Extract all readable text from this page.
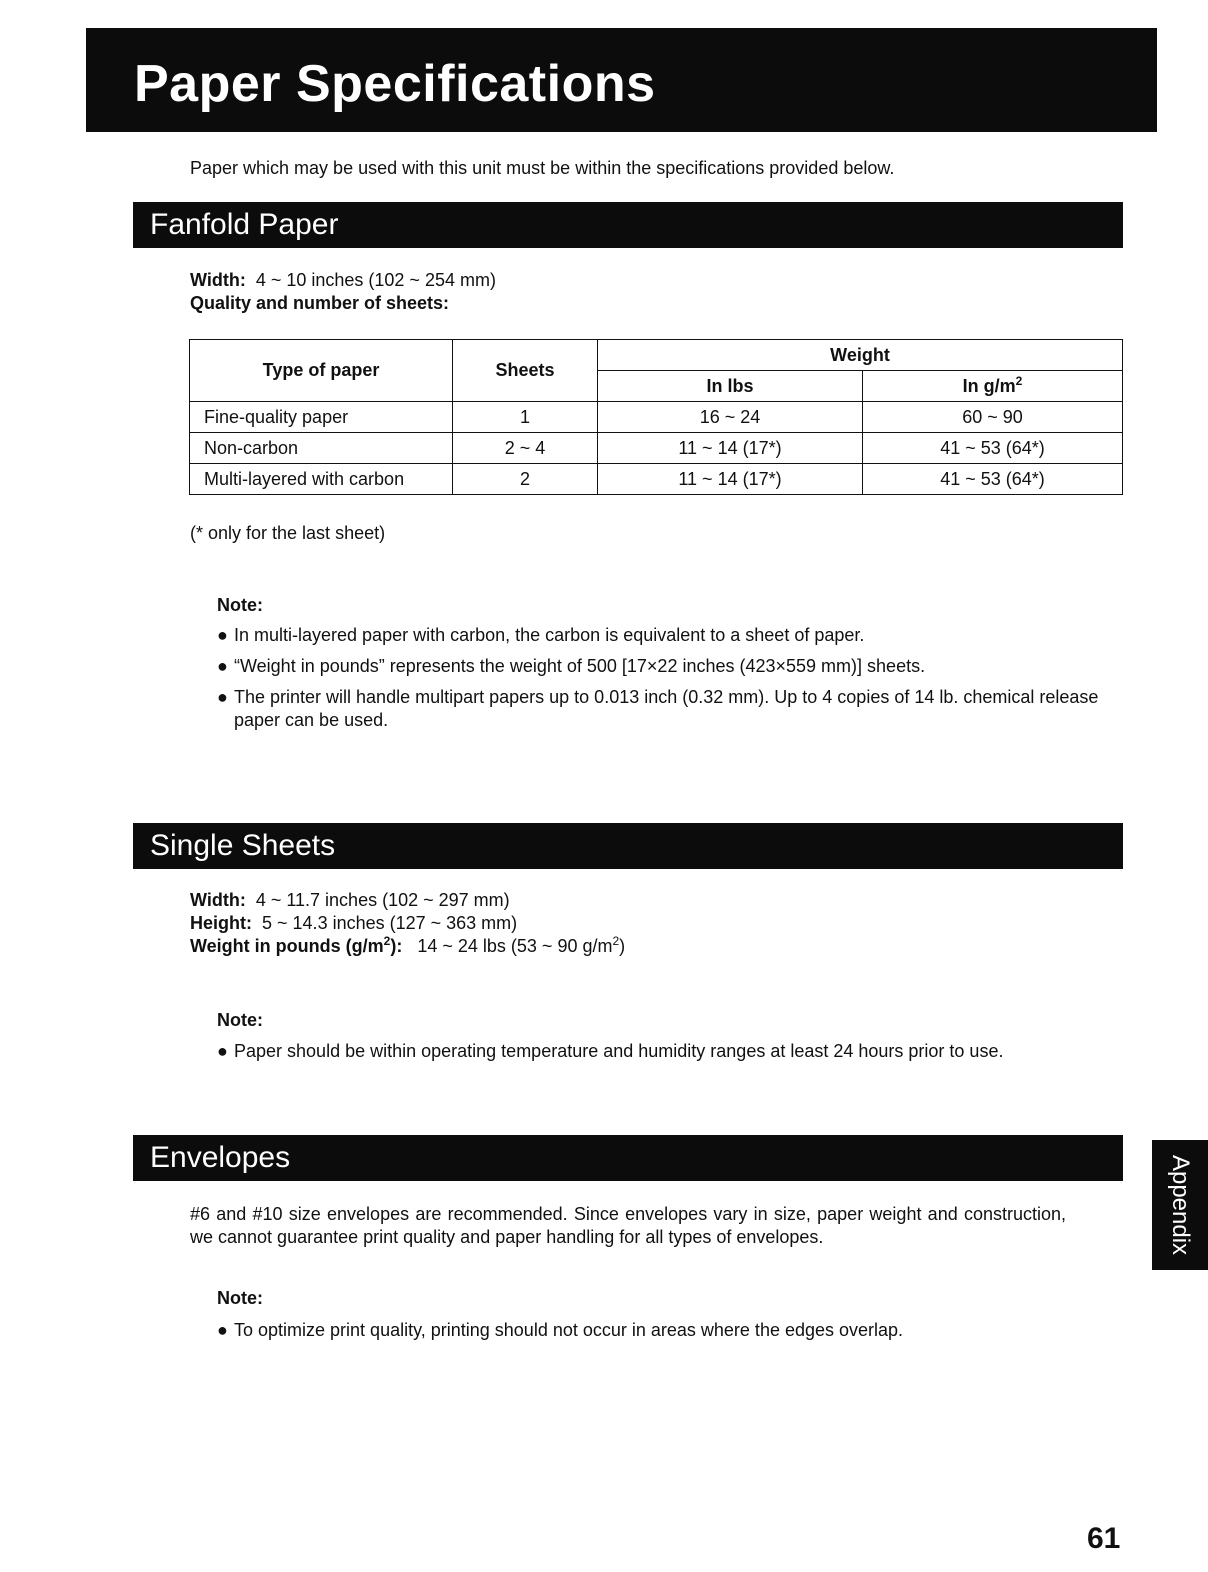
Paper Specifications
Paper which may be used with this unit must be within the specifications provided below.
Fanfold Paper
Width: 4 ~ 10 inches (102 ~ 254 mm)
Quality and number of sheets:
Type of paper	Sheets	Weight	
		In lbs	In $g/m^2$
Fine-quality paper	1	16 ~ 24	60 ~ 90
Non-carbon	2 ~ 4	11 ~ 14 (17*)	41 ~ 53 (64*)
Multi-layered with carbon	2	11 ~ 14 (17*)	41 ~ 53 (64*)
(* only for the last sheet)
Note:
● In multi-layered paper with carbon, the carbon is equivalent to a sheet of paper.
● “Weight in pounds” represents the weight of 500 [17×22 inches (423×559 mm)] sheets.
● The printer will handle multipart papers up to 0.013 inch (0.32 mm). Up to 4 copies of 14 lb. chemical release paper can be used.
Single Sheets
Width: 4 ~ 11.7 inches (102 ~ 297 mm)
Height: 5 ~ 14.3 inches (127 ~ 363 mm)
Weight in pounds $(g/m^2)$: 14 ~ 24 lbs (53 ~ 90 $g/m^2$)
Note:
● Paper should be within operating temperature and humidity ranges at least 24 hours prior to use.
Envelopes
#6 and #10 size envelopes are recommended. Since envelopes vary in size, paper weight and construction, we cannot guarantee print quality and paper handling for all types of envelopes.
Note:
● To optimize print quality, printing should not occur in areas where the edges overlap.
Appendix
61
